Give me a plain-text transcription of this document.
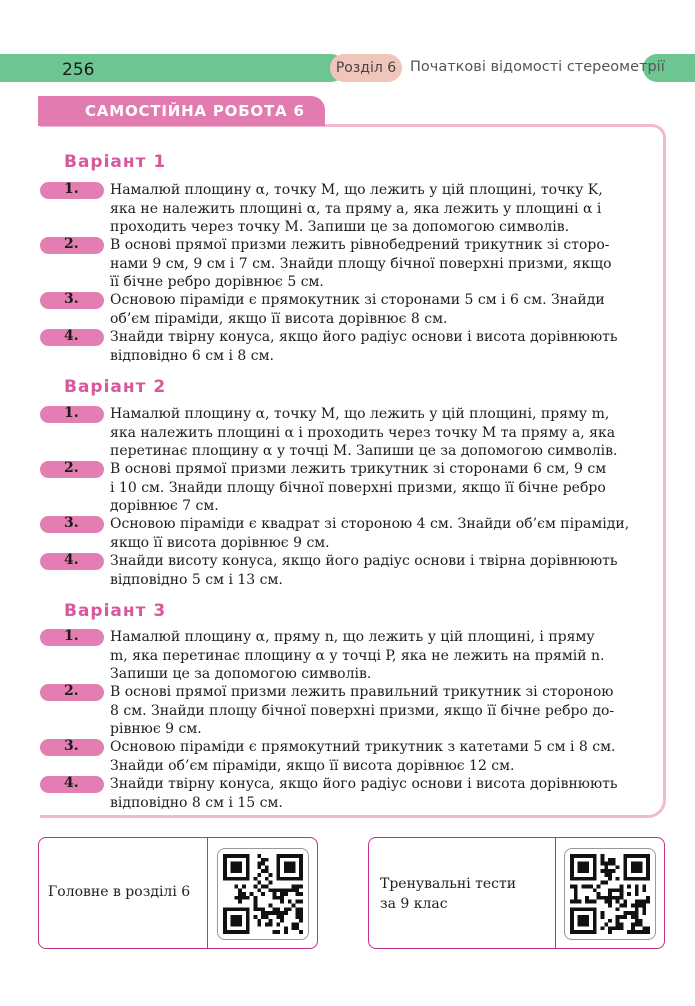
256	Розділ 6 Початкові відомості стереометрії
САМОСТІЙНА РОБОТА 6
Варіант 1
1. Намалюй площину α, точку M, що лежить у цій площині, точку K,
яка не належить площині α, та пряму a, яка лежить у площині α і
проходить через точку M. Запиши це за допомогою символів.
2. В основі прямої призми лежить рівнобедрений трикутник зі сторо-
нами 9 см, 9 см і 7 см. Знайди площу бічної поверхні призми, якщо
її бічне ребро дорівнює 5 см.
3. Основою піраміди є прямокутник зі сторонами 5 см і 6 см. Знайди
об’єм піраміди, якщо її висота дорівнює 8 см.
4. Знайди твірну конуса, якщо його радіус основи і висота дорівнюють
відповідно 6 см і 8 см.
Варіант 2
1. Намалюй площину α, точку M, що лежить у цій площині, пряму m,
яка належить площині α і проходить через точку M та пряму a, яка
перетинає площину α у точці M. Запиши це за допомогою символів.
2. В основі прямої призми лежить трикутник зі сторонами 6 см, 9 см
і 10 см. Знайди площу бічної поверхні призми, якщо її бічне ребро
дорівнює 7 см.
3. Основою піраміди є квадрат зі стороною 4 см. Знайди об’єм піраміди,
якщо її висота дорівнює 9 см.
4. Знайди висоту конуса, якщо його радіус основи і твірна дорівнюють
відповідно 5 см і 13 см.
Варіант 3
1. Намалюй площину α, пряму n, що лежить у цій площині, і пряму
m, яка перетинає площину α у точці P, яка не лежить на прямій n.
Запиши це за допомогою символів.
2. В основі прямої призми лежить правильний трикутник зі стороною
8 см. Знайди площу бічної поверхні призми, якщо її бічне ребро до-
рівнює 9 см.
3. Основою піраміди є прямокутний трикутник з катетами 5 см і 8 см.
Знайди об’єм піраміди, якщо її висота дорівнює 12 см.
4. Знайди твірну конуса, якщо його радіус основи і висота дорівнюють
відповідно 8 см і 15 см.
Головне в розділі 6	Тренувальні тести
за 9 клас
